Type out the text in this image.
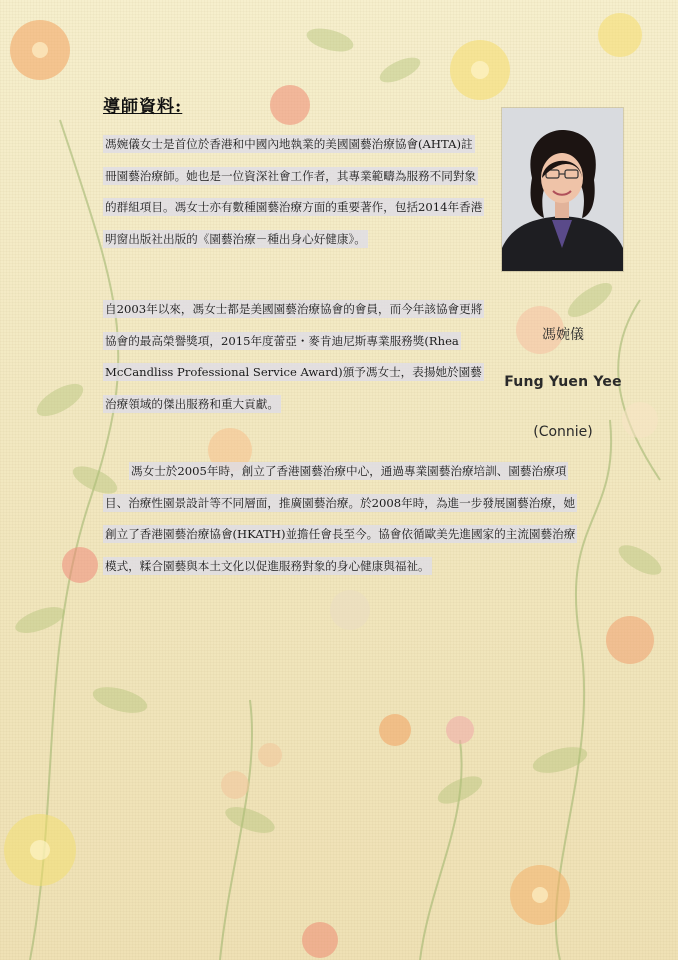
導師資料:

馮婉儀女士是首位於香港和中國內地執業的美國園藝治療協會(AHTA)註冊園藝治療師。她也是一位資深社會工作者，其專業範疇為服務不同對象的群組項目。馮女士亦有數種園藝治療方面的重要著作，包括2014年香港明窗出版社出版的《園藝治療－種出身心好健康》。

自2003年以來，馮女士都是美國園藝治療協會的會員，而今年該協會更將協會的最高榮譽獎項，2015年度蕾亞・麥肯迪尼斯專業服務獎(Rhea McCandliss Professional Service Award)頒予馮女士，表揚她於園藝治療領域的傑出服務和重大貢獻。

馮女士於2005年時，創立了香港園藝治療中心，通過專業園藝治療培訓、園藝治療項目、治療性園景設計等不同層面，推廣園藝治療。於2008年時，為進一步發展園藝治療，她創立了香港園藝治療協會(HKATH)並擔任會長至今。協會依循歐美先進國家的主流園藝治療模式，糅合園藝與本土文化以促進服務對象的身心健康與福祉。

馮婉儀
Fung Yuen Yee
(Connie)
